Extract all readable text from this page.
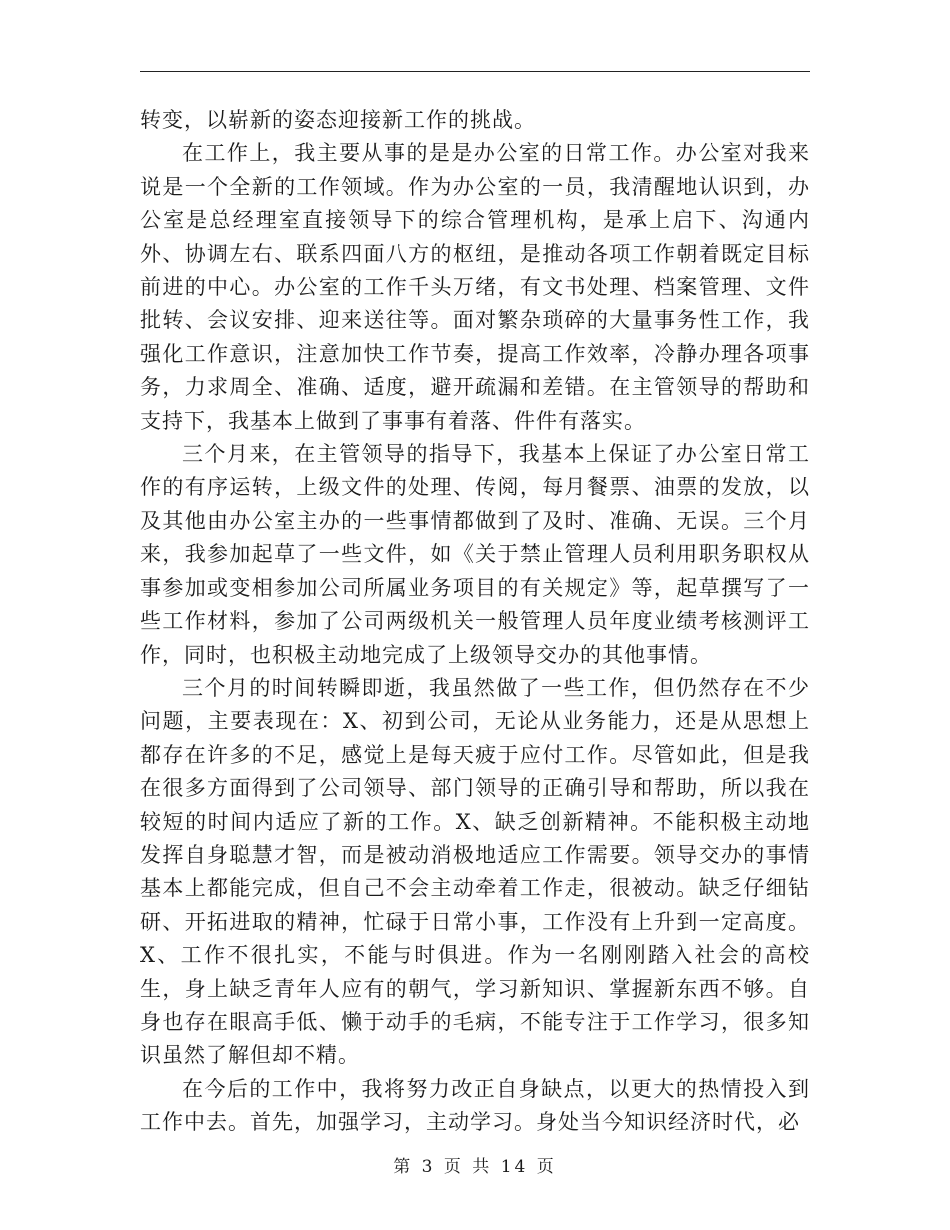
转变，以崭新的姿态迎接新工作的挑战。

在工作上，我主要从事的是是办公室的日常工作。办公室对我来说是一个全新的工作领域。作为办公室的一员，我清醒地认识到，办公室是总经理室直接领导下的综合管理机构，是承上启下、沟通内外、协调左右、联系四面八方的枢纽，是推动各项工作朝着既定目标前进的中心。办公室的工作千头万绪，有文书处理、档案管理、文件批转、会议安排、迎来送往等。面对繁杂琐碎的大量事务性工作，我强化工作意识，注意加快工作节奏，提高工作效率，冷静办理各项事务，力求周全、准确、适度，避开疏漏和差错。在主管领导的帮助和支持下，我基本上做到了事事有着落、件件有落实。

三个月来，在主管领导的指导下，我基本上保证了办公室日常工作的有序运转，上级文件的处理、传阅，每月餐票、油票的发放，以及其他由办公室主办的一些事情都做到了及时、准确、无误。三个月来，我参加起草了一些文件，如《关于禁止管理人员利用职务职权从事参加或变相参加公司所属业务项目的有关规定》等，起草撰写了一些工作材料，参加了公司两级机关一般管理人员年度业绩考核测评工作，同时，也积极主动地完成了上级领导交办的其他事情。

三个月的时间转瞬即逝，我虽然做了一些工作，但仍然存在不少问题，主要表现在：X、初到公司，无论从业务能力，还是从思想上都存在许多的不足，感觉上是每天疲于应付工作。尽管如此，但是我在很多方面得到了公司领导、部门领导的正确引导和帮助，所以我在较短的时间内适应了新的工作。X、缺乏创新精神。不能积极主动地发挥自身聪慧才智，而是被动消极地适应工作需要。领导交办的事情基本上都能完成，但自己不会主动牵着工作走，很被动。缺乏仔细钻研、开拓进取的精神，忙碌于日常小事，工作没有上升到一定高度。X、工作不很扎实，不能与时俱进。作为一名刚刚踏入社会的高校生，身上缺乏青年人应有的朝气，学习新知识、掌握新东西不够。自身也存在眼高手低、懒于动手的毛病，不能专注于工作学习，很多知识虽然了解但却不精。

在今后的工作中，我将努力改正自身缺点，以更大的热情投入到工作中去。首先，加强学习，主动学习。身处当今知识经济时代，必

第 3 页 共 14 页
